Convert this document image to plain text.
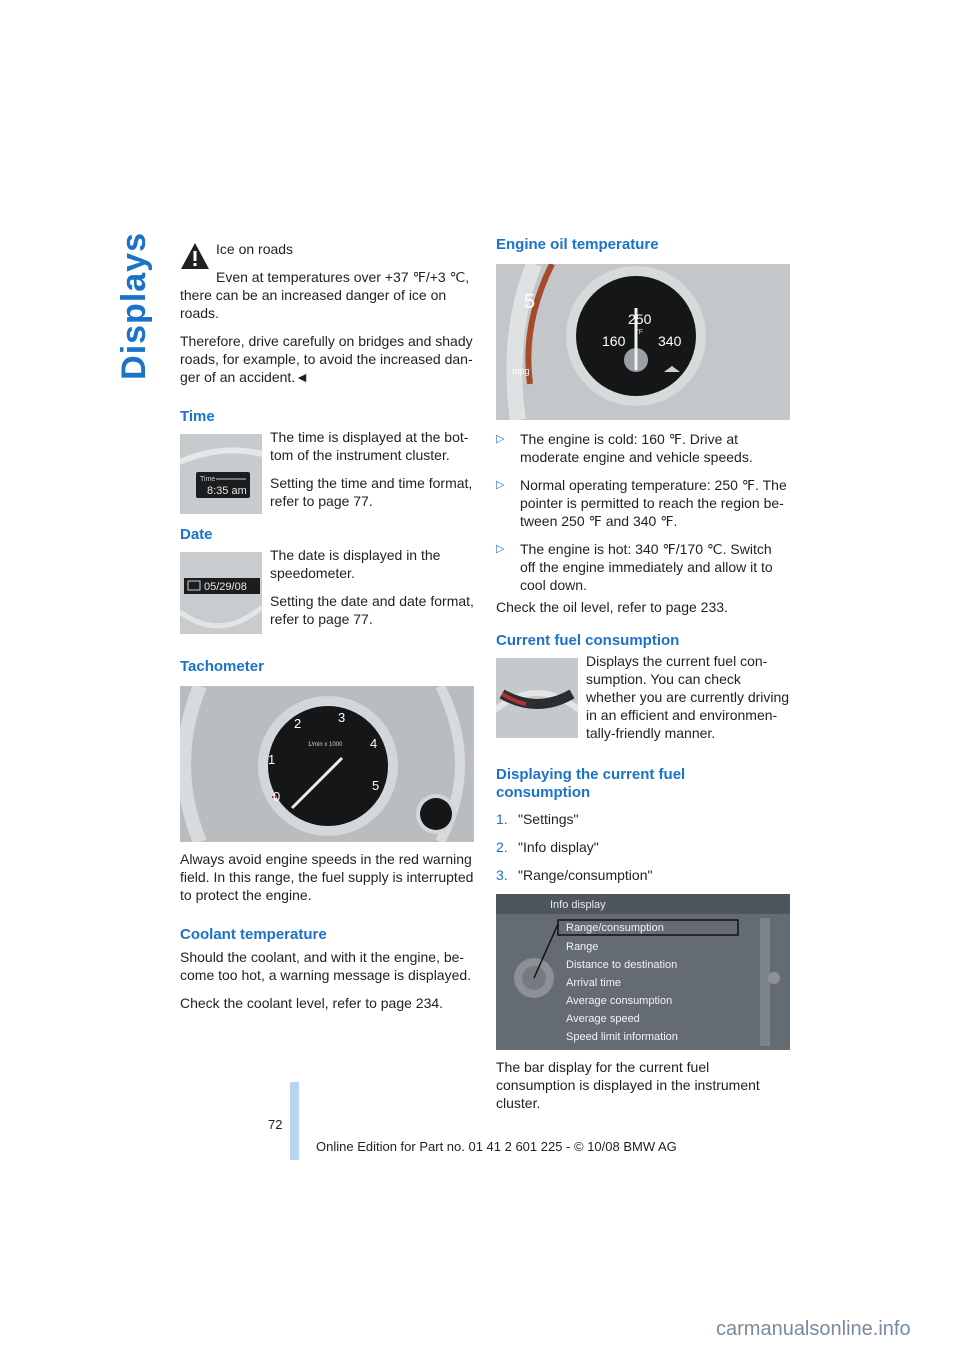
Displays	Ice on roads

Even at temperatures over +37 ℉/+3 ℃,

there can be an increased danger of ice on

roads.

Therefore, drive carefully on bridges and shady roads, for example, to avoid the increased dan- ger of an accident.◄

Time
Time
8:35 am

The time is displayed at the bot- tom of the instrument cluster.

Setting the time and time format, refer to page 77.

Date
05/29/08

The date is displayed in the speedometer.

Setting the date and date format, refer to page 77.

Tachometer
0
1
2	3
4
5
1/min x 1000

Always avoid engine speeds in the red warning field. In this range, the fuel supply is interrupted to protect the engine.

Coolant temperature

Should the coolant, and with it the engine, be- come too hot, a warning message is displayed.

Check the coolant level, refer to page 234.

Engine oil temperature
5
mpg
160
250
340
°F
▷ The engine is cold: 160 ℉. Drive at moderate engine and vehicle speeds.
▷ Normal operating temperature: 250 ℉. The pointer is permitted to reach the region be- tween 250 ℉ and 340 ℉.
▷ The engine is hot: 340 ℉/170 ℃. Switch off the engine immediately and allow it to cool down.

Check the oil level, refer to page 233.

Current fuel consumption

Displays the current fuel con- sumption. You can check whether you are currently driving in an efficient and environmen- tally-friendly manner.

Displaying the current fuel consumption
1. "Settings"
2. "Info display"
3. "Range/consumption"
Info display
Range/consumption
Range
Distance to destination
Arrival time
Average consumption
Average speed
Speed limit information

The bar display for the current fuel consumption is displayed in the instrument cluster.

72
Online Edition for Part no. 01 41 2 601 225 - © 10/08 BMW AG
carmanualsonline.info
